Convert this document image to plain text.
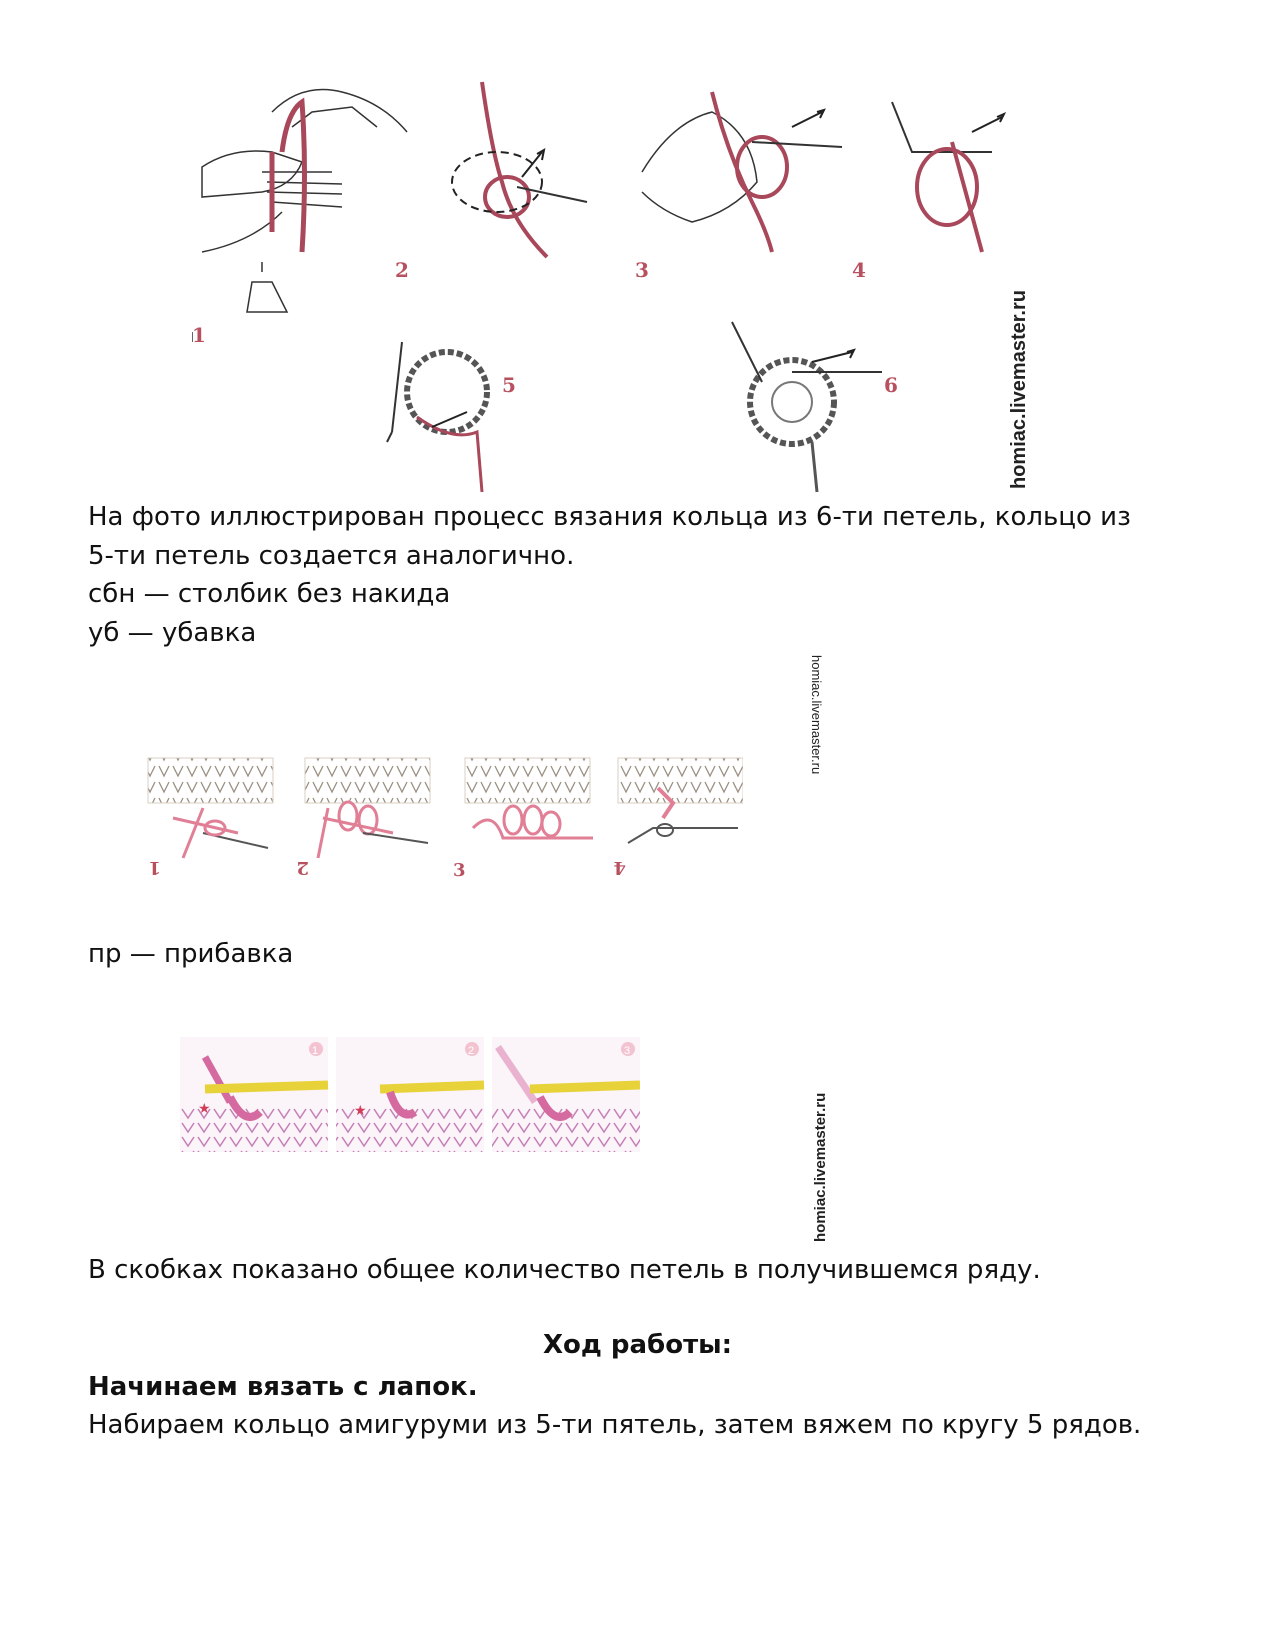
1
2	3	4
5	6	homiac.livemaster.ru
На фото иллюстрирован процесс вязания кольца из 6-ти петель, кольцо из
5-ти петель создается аналогично.
сбн — столбик без накида
уб — убавка
1	2	3	4
homiac.livemaster.ru
пр — прибавка
★	★
1	2	3
homiac.livemaster.ru
В скобках показано общее количество петель в получившемся ряду.
Ход работы:
Начинаем вязать с лапок.
Набираем кольцо амигуруми из 5-ти пятель, затем вяжем по кругу 5 рядов.
